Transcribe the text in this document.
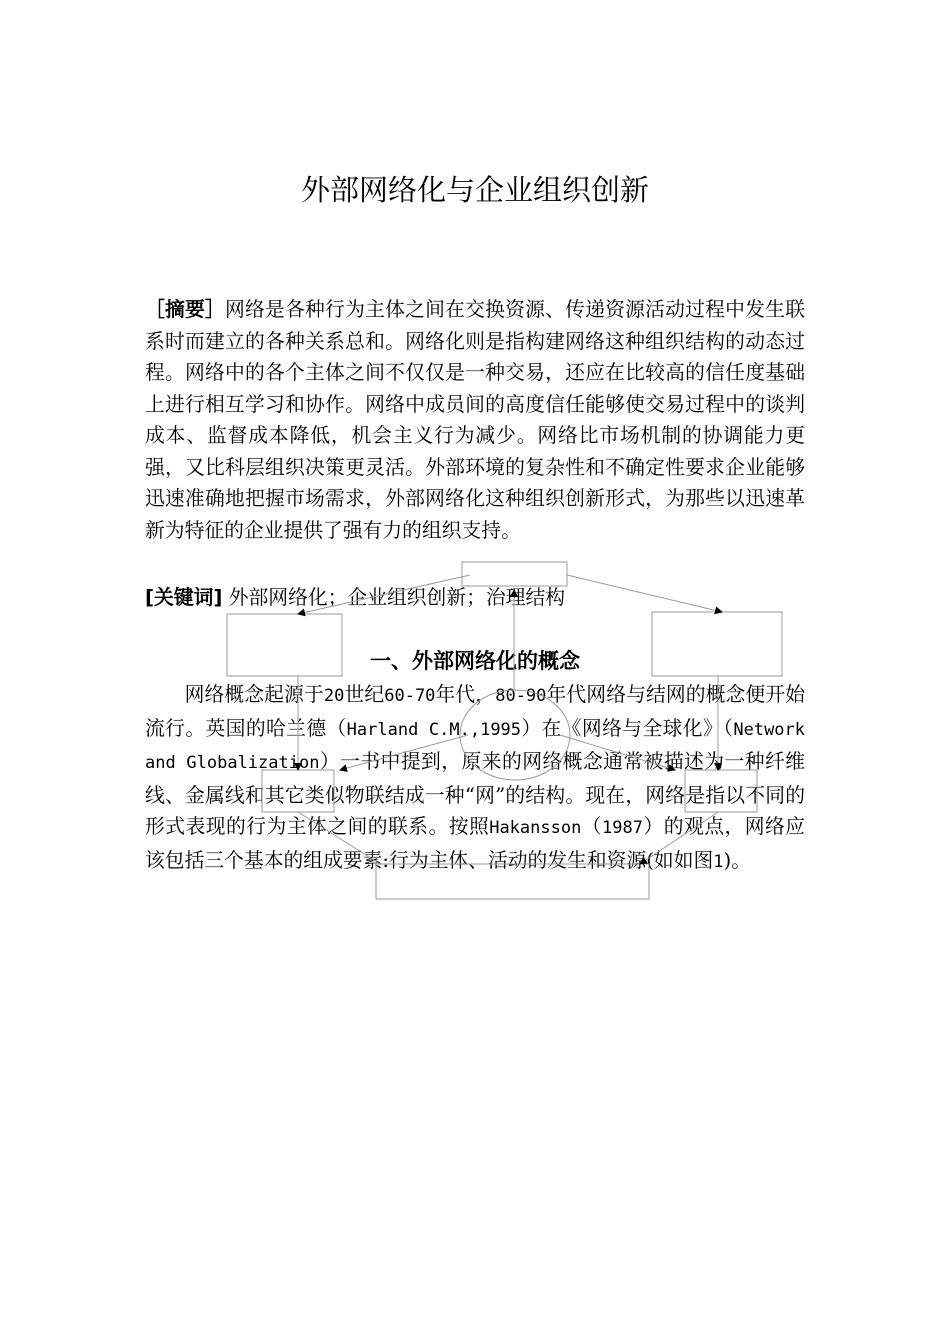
外部网络化与企业组织创新

［摘要］网络是各种行为主体之间在交换资源、传递资源活动过程中发生联系时而建立的各种关系总和。网络化则是指构建网络这种组织结构的动态过程。网络中的各个主体之间不仅仅是一种交易，还应在比较高的信任度基础上进行相互学习和协作。网络中成员间的高度信任能够使交易过程中的谈判成本、监督成本降低，机会主义行为减少。网络比市场机制的协调能力更强，又比科层组织决策更灵活。外部环境的复杂性和不确定性要求企业能够迅速准确地把握市场需求，外部网络化这种组织创新形式，为那些以迅速革新为特征的企业提供了强有力的组织支持。

[关键词] 外部网络化；企业组织创新；治理结构

一、外部网络化的概念

网络概念起源于20世纪60-70年代，80-90年代网络与结网的概念便开始流行。英国的哈兰德（Harland C.M.,1995）在《网络与全球化》（Network and Globalization）一书中提到，原来的网络概念通常被描述为一种纤维线、金属线和其它类似物联结成一种“网”的结构。现在，网络是指以不同的形式表现的行为主体之间的联系。按照Hakansson（1987）的观点，网络应该包括三个基本的组成要素:行为主体、活动的发生和资源(如如图1)。
